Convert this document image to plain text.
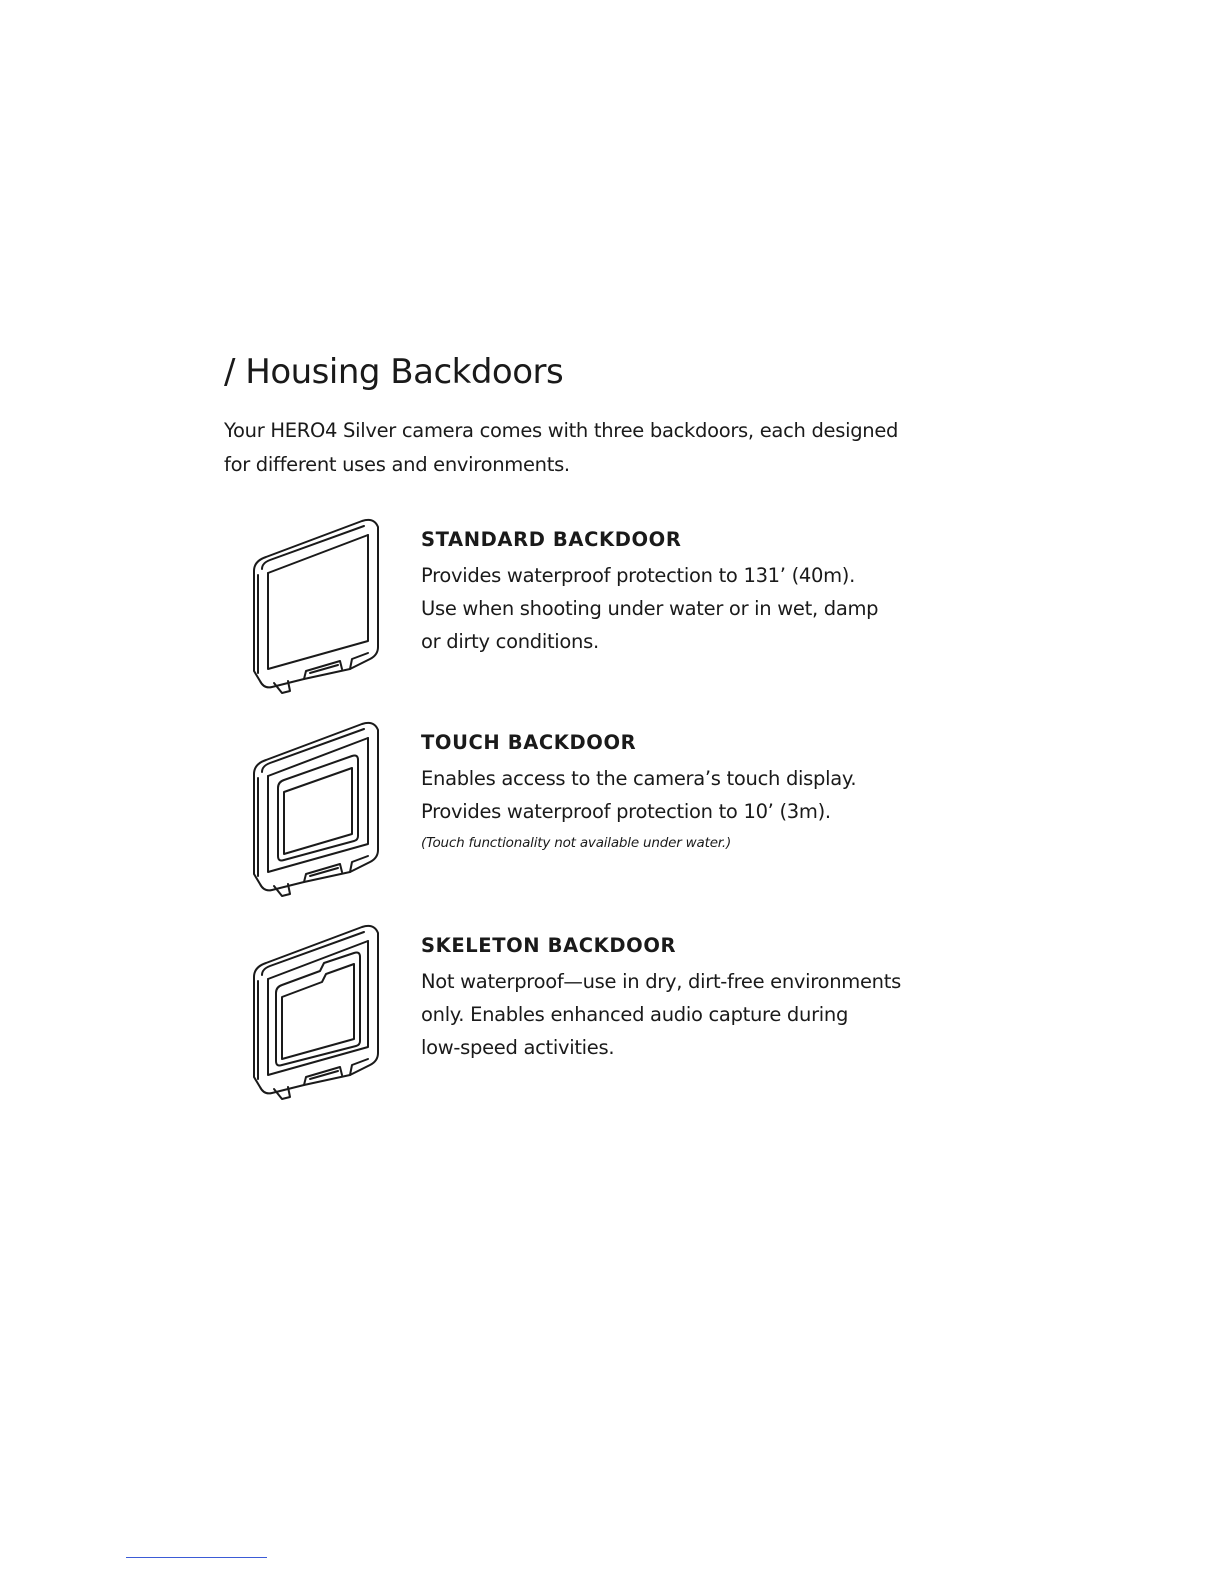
/ Housing Backdoors

Your HERO4 Silver camera comes with three backdoors, each designed
for different uses and environments.

STANDARD BACKDOOR
Provides waterproof protection to 131’ (40m).
Use when shooting under water or in wet, damp
or dirty conditions.
TOUCH BACKDOOR
Enables access to the camera’s touch display.
Provides waterproof protection to 10’ (3m).
(Touch functionality not available under water.)
SKELETON BACKDOOR
Not waterproof—use in dry, dirt-free environments
only. Enables enhanced audio capture during
low-speed activities.
